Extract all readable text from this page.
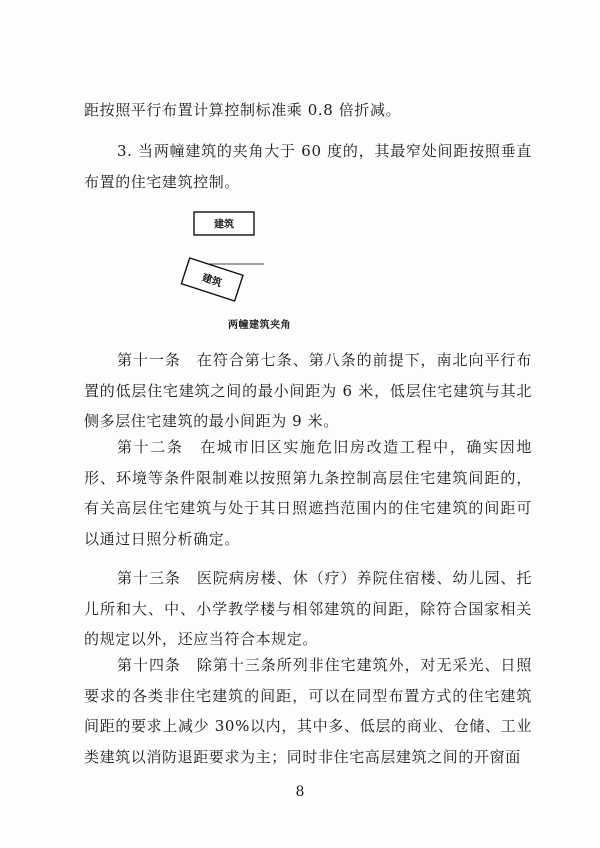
距按照平行布置计算控制标准乘 0.8 倍折减。

3. 当两幢建筑的夹角大于 60 度的，其最窄处间距按照垂直布置的住宅建筑控制。

建筑
建筑
两幢建筑夹角

第十一条　在符合第七条、第八条的前提下，南北向平行布置的低层住宅建筑之间的最小间距为 6 米，低层住宅建筑与其北侧多层住宅建筑的最小间距为 9 米。

第十二条　在城市旧区实施危旧房改造工程中，确实因地形、环境等条件限制难以按照第九条控制高层住宅建筑间距的，有关高层住宅建筑与处于其日照遮挡范围内的住宅建筑的间距可以通过日照分析确定。

第十三条　医院病房楼、休（疗）养院住宿楼、幼儿园、托儿所和大、中、小学教学楼与相邻建筑的间距，除符合国家相关的规定以外，还应当符合本规定。

第十四条　除第十三条所列非住宅建筑外，对无采光、日照要求的各类非住宅建筑的间距，可以在同型布置方式的住宅建筑间距的要求上减少 30%以内，其中多、低层的商业、仓储、工业类建筑以消防退距要求为主；同时非住宅高层建筑之间的开窗面

8
